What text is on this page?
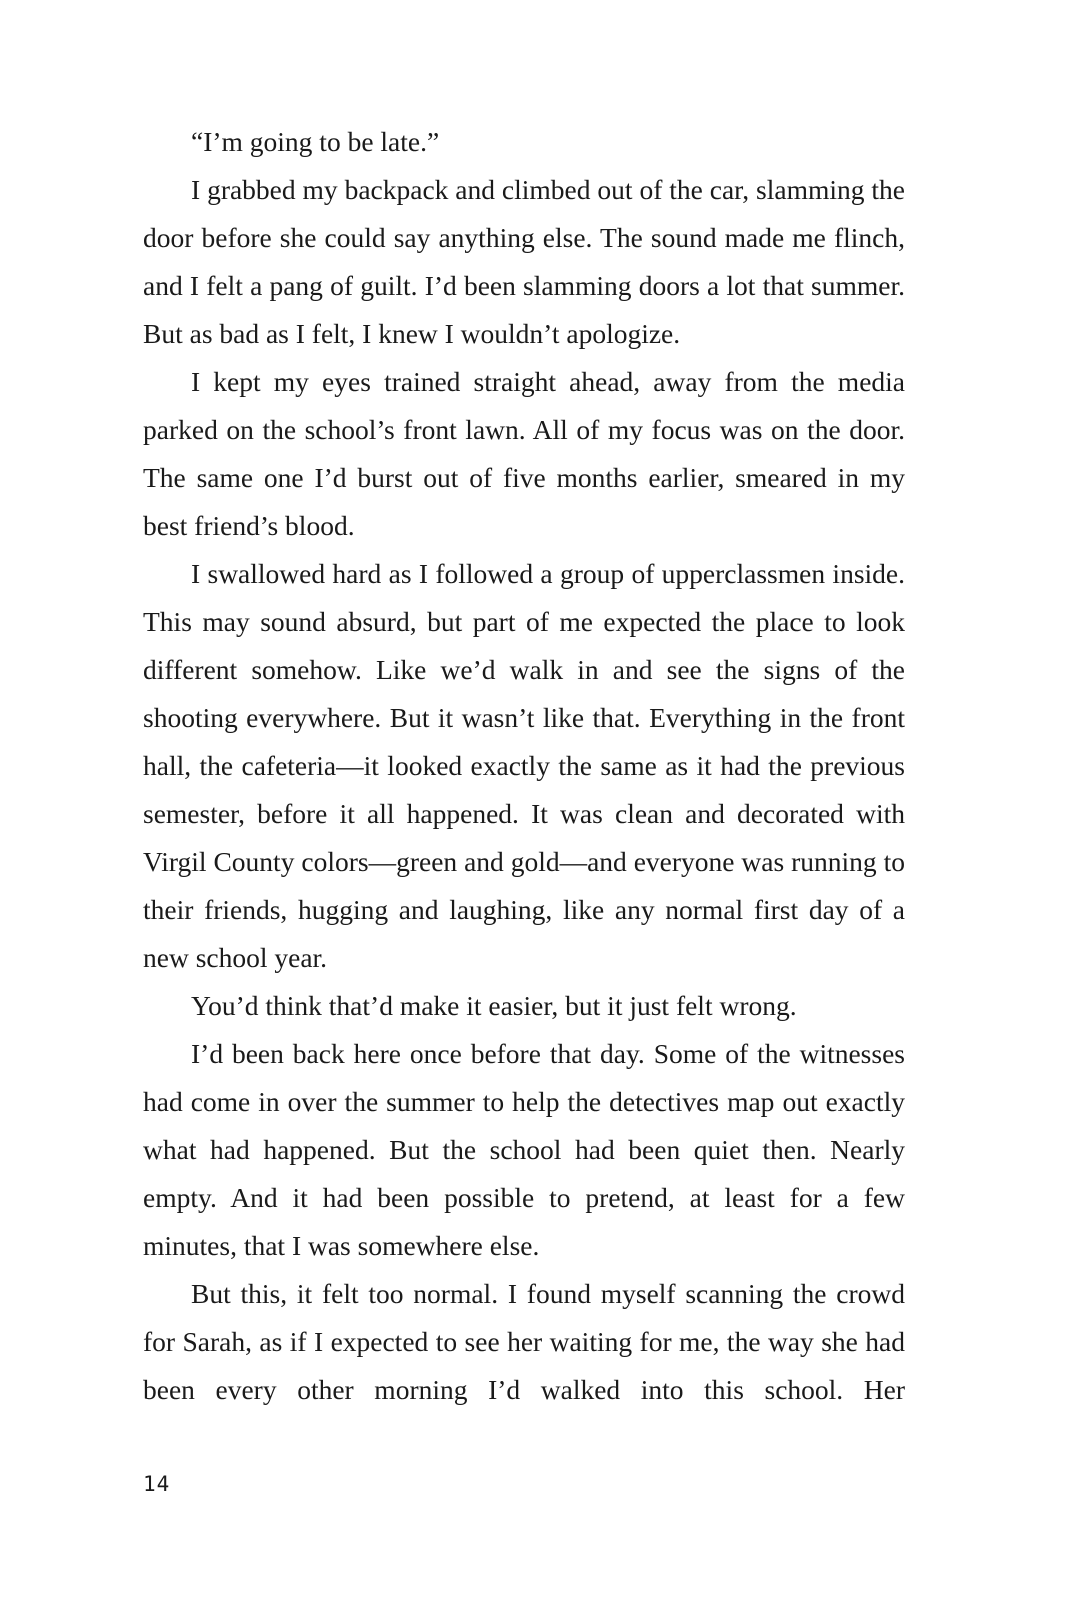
“I’m going to be late.”

I grabbed my backpack and climbed out of the car, slamming the door before she could say anything else. The sound made me flinch, and I felt a pang of guilt. I’d been slamming doors a lot that summer. But as bad as I felt, I knew I wouldn’t apologize.

I kept my eyes trained straight ahead, away from the media parked on the school’s front lawn. All of my focus was on the door. The same one I’d burst out of five months earlier, smeared in my best friend’s blood.

I swallowed hard as I followed a group of upperclassmen inside. This may sound absurd, but part of me expected the place to look different somehow. Like we’d walk in and see the signs of the shooting everywhere. But it wasn’t like that. Everything in the front hall, the cafeteria—it looked exactly the same as it had the previous semester, before it all happened. It was clean and decorated with Virgil County colors—green and gold—and everyone was running to their friends, hugging and laughing, like any normal first day of a new school year.

You’d think that’d make it easier, but it just felt wrong.

I’d been back here once before that day. Some of the witnesses had come in over the summer to help the detectives map out exactly what had happened. But the school had been quiet then. Nearly empty. And it had been possible to pretend, at least for a few minutes, that I was somewhere else.

But this, it felt too normal. I found myself scanning the crowd for Sarah, as if I expected to see her waiting for me, the way she had been every other morning I’d walked into this school. Her

14
